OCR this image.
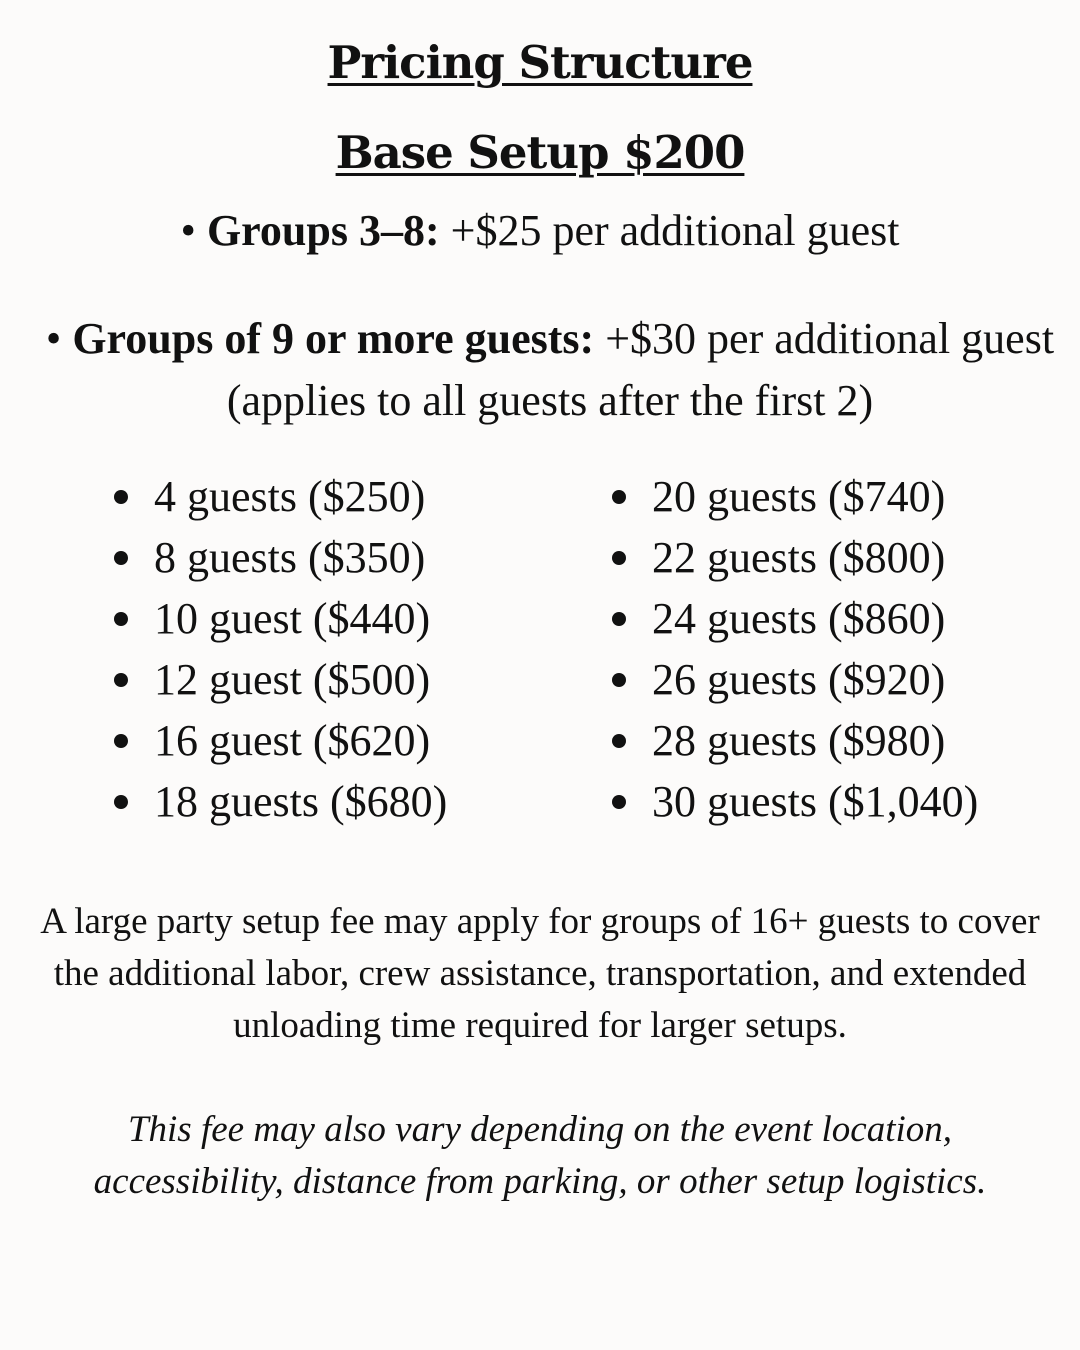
Pricing Structure
Base Setup $200
• Groups 3–8: +$25 per additional guest
• Groups of 9 or more guests: +$30 per additional guest (applies to all guests after the first 2)
4 guests ($250)
8 guests ($350)
10 guest ($440)
12 guest ($500)
16 guest ($620)
18 guests ($680)
20 guests ($740)
22 guests ($800)
24 guests ($860)
26 guests ($920)
28 guests ($980)
30 guests ($1,040)
A large party setup fee may apply for groups of 16+ guests to cover the additional labor, crew assistance, transportation, and extended unloading time required for larger setups.
This fee may also vary depending on the event location, accessibility, distance from parking, or other setup logistics.
